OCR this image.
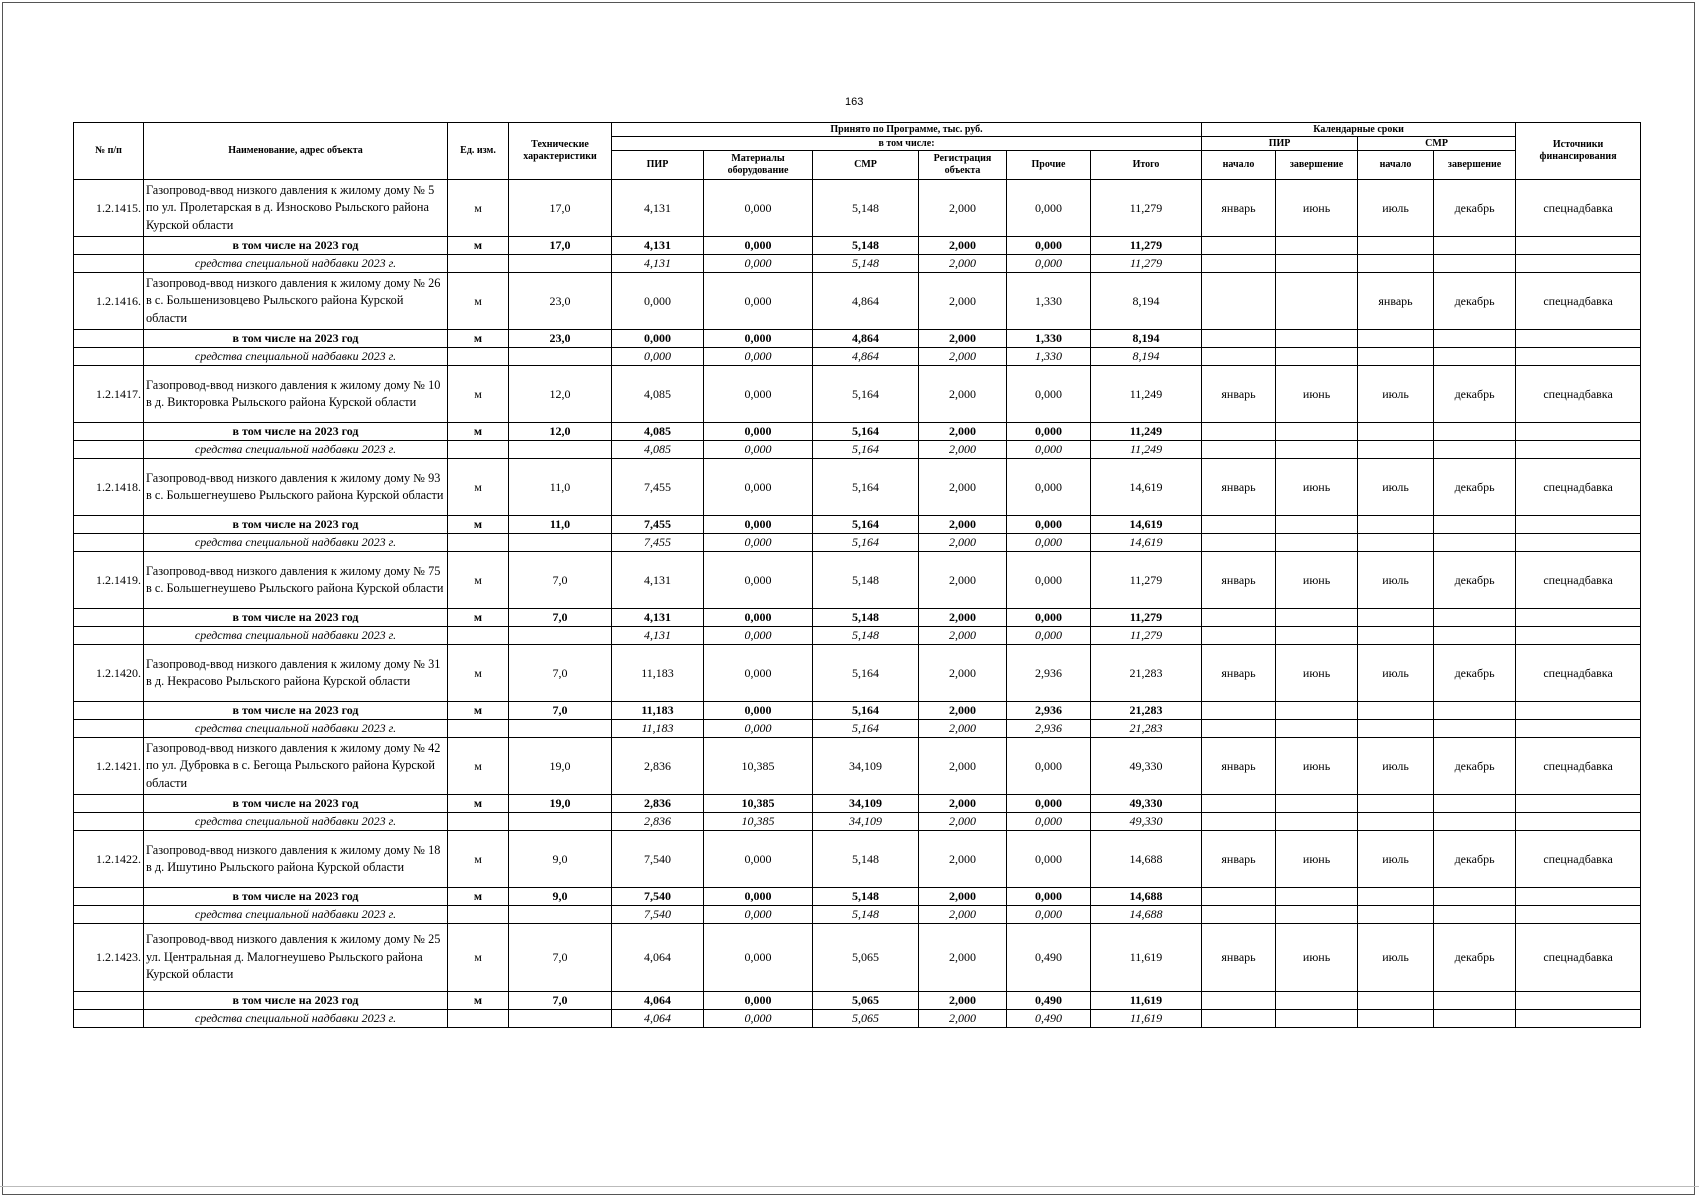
163
№ п/п	Наименование, адрес объекта	Ед. изм.	Технические характеристики	Принято по Программе, тыс. руб.						Календарные сроки				Источники финансирования
				в том числе:						ПИР		СМР		
				ПИР	Материалы оборудование	СМР	Регистрация объекта	Прочие	Итого	начало	завершение	начало	завершение	
1.2.1415.	Газопровод-ввод низкого давления к жилому дому № 5 по ул. Пролетарская в д. Износково Рыльского района Курской области	м	17,0	4,131	0,000	5,148	2,000	0,000	11,279	январь	июнь	июль	декабрь	спецнадбавка
	в том числе на 2023 год	м	17,0	4,131	0,000	5,148	2,000	0,000	11,279					
	средства специальной надбавки 2023 г.			4,131	0,000	5,148	2,000	0,000	11,279					
1.2.1416.	Газопровод-ввод низкого давления к жилому дому № 26 в с. Большенизовцево Рыльского района Курской области	м	23,0	0,000	0,000	4,864	2,000	1,330	8,194			январь	декабрь	спецнадбавка
	в том числе на 2023 год	м	23,0	0,000	0,000	4,864	2,000	1,330	8,194					
	средства специальной надбавки 2023 г.			0,000	0,000	4,864	2,000	1,330	8,194					
1.2.1417.	Газопровод-ввод низкого давления к жилому дому № 10 в д. Викторовка Рыльского района Курской области	м	12,0	4,085	0,000	5,164	2,000	0,000	11,249	январь	июнь	июль	декабрь	спецнадбавка
	в том числе на 2023 год	м	12,0	4,085	0,000	5,164	2,000	0,000	11,249					
	средства специальной надбавки 2023 г.			4,085	0,000	5,164	2,000	0,000	11,249					
1.2.1418.	Газопровод-ввод низкого давления к жилому дому № 93 в с. Большегнеушево Рыльского района Курской области	м	11,0	7,455	0,000	5,164	2,000	0,000	14,619	январь	июнь	июль	декабрь	спецнадбавка
	в том числе на 2023 год	м	11,0	7,455	0,000	5,164	2,000	0,000	14,619					
	средства специальной надбавки 2023 г.			7,455	0,000	5,164	2,000	0,000	14,619					
1.2.1419.	Газопровод-ввод низкого давления к жилому дому № 75 в с. Большегнеушево Рыльского района Курской области	м	7,0	4,131	0,000	5,148	2,000	0,000	11,279	январь	июнь	июль	декабрь	спецнадбавка
	в том числе на 2023 год	м	7,0	4,131	0,000	5,148	2,000	0,000	11,279					
	средства специальной надбавки 2023 г.			4,131	0,000	5,148	2,000	0,000	11,279					
1.2.1420.	Газопровод-ввод низкого давления к жилому дому № 31 в д. Некрасово Рыльского района Курской области	м	7,0	11,183	0,000	5,164	2,000	2,936	21,283	январь	июнь	июль	декабрь	спецнадбавка
	в том числе на 2023 год	м	7,0	11,183	0,000	5,164	2,000	2,936	21,283					
	средства специальной надбавки 2023 г.			11,183	0,000	5,164	2,000	2,936	21,283					
1.2.1421.	Газопровод-ввод низкого давления к жилому дому № 42 по ул. Дубровка в с. Бегоща Рыльского района Курской области	м	19,0	2,836	10,385	34,109	2,000	0,000	49,330	январь	июнь	июль	декабрь	спецнадбавка
	в том числе на 2023 год	м	19,0	2,836	10,385	34,109	2,000	0,000	49,330					
	средства специальной надбавки 2023 г.			2,836	10,385	34,109	2,000	0,000	49,330					
1.2.1422.	Газопровод-ввод низкого давления к жилому дому № 18 в д. Ишутино Рыльского района Курской области	м	9,0	7,540	0,000	5,148	2,000	0,000	14,688	январь	июнь	июль	декабрь	спецнадбавка
	в том числе на 2023 год	м	9,0	7,540	0,000	5,148	2,000	0,000	14,688					
	средства специальной надбавки 2023 г.			7,540	0,000	5,148	2,000	0,000	14,688					
1.2.1423.	Газопровод-ввод низкого давления к жилому дому № 25 ул. Центральная д. Малогнеушево Рыльского района Курской области	м	7,0	4,064	0,000	5,065	2,000	0,490	11,619	январь	июнь	июль	декабрь	спецнадбавка
	в том числе на 2023 год	м	7,0	4,064	0,000	5,065	2,000	0,490	11,619					
	средства специальной надбавки 2023 г.			4,064	0,000	5,065	2,000	0,490	11,619					
